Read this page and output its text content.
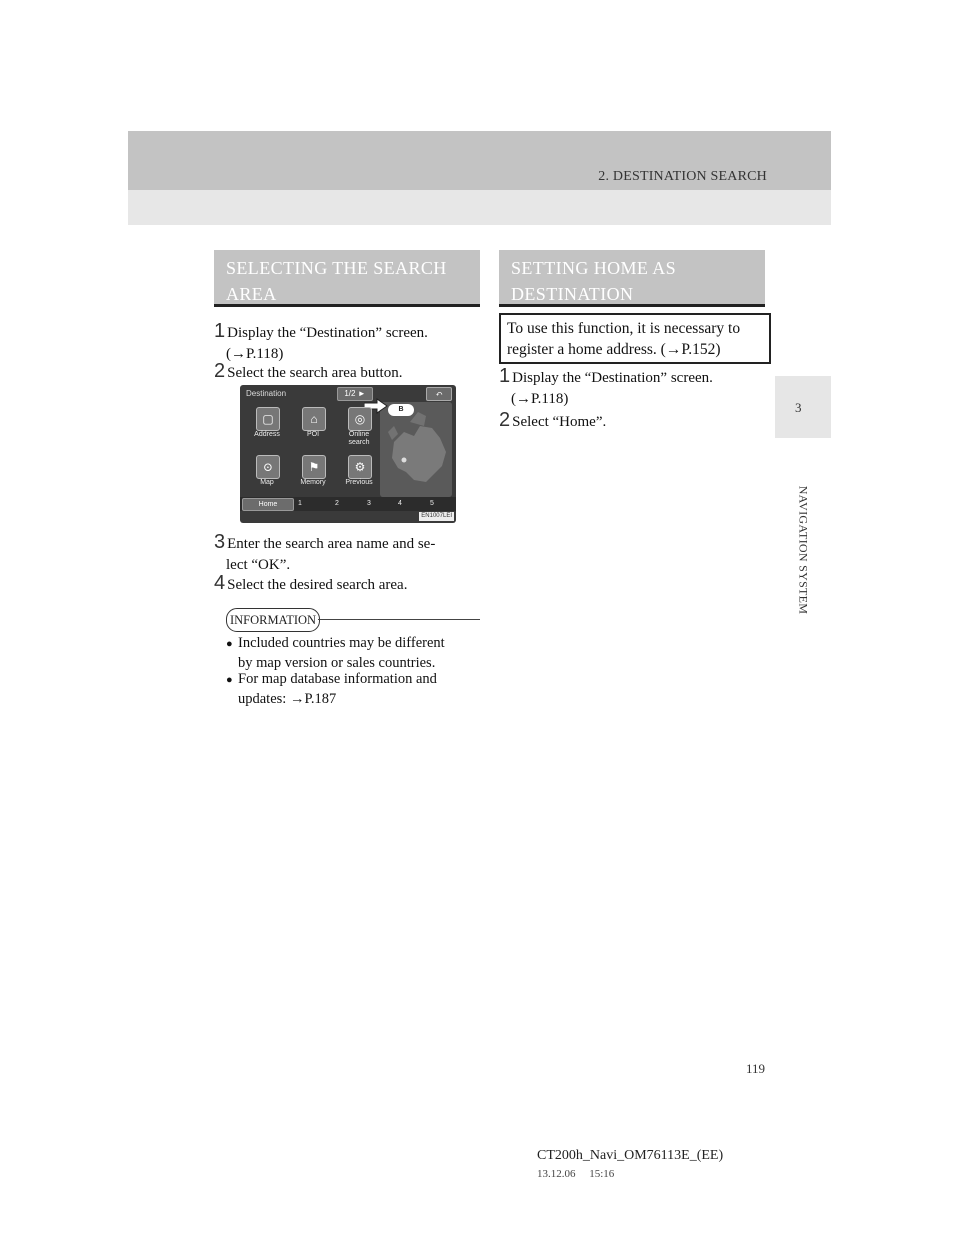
2. DESTINATION SEARCH
3
NAVIGATION SYSTEM
SELECTING THE SEARCH AREA
1 Display the “Destination” screen.
(→P.118)
2 Select the search area button.
Destination	1/2 ►	↶
B
▢
Address
⌂
POI
◎
Online search
⊙
Map
⚑
Memory
⚙
Previous
Home	1	2	3	4	5
EN1007LEI
3 Enter the search area name and se-
lect “OK”.
4 Select the desired search area.
INFORMATION
● Included countries may be different
by map version or sales countries.
● For map database information and
updates: →P.187
SETTING HOME AS DESTINATION
To use this function, it is necessary to register a home address. (→P.152)
1 Display the “Destination” screen.
(→P.118)
2 Select “Home”.
119
CT200h_Navi_OM76113E_(EE)
13.12.06     15:16
